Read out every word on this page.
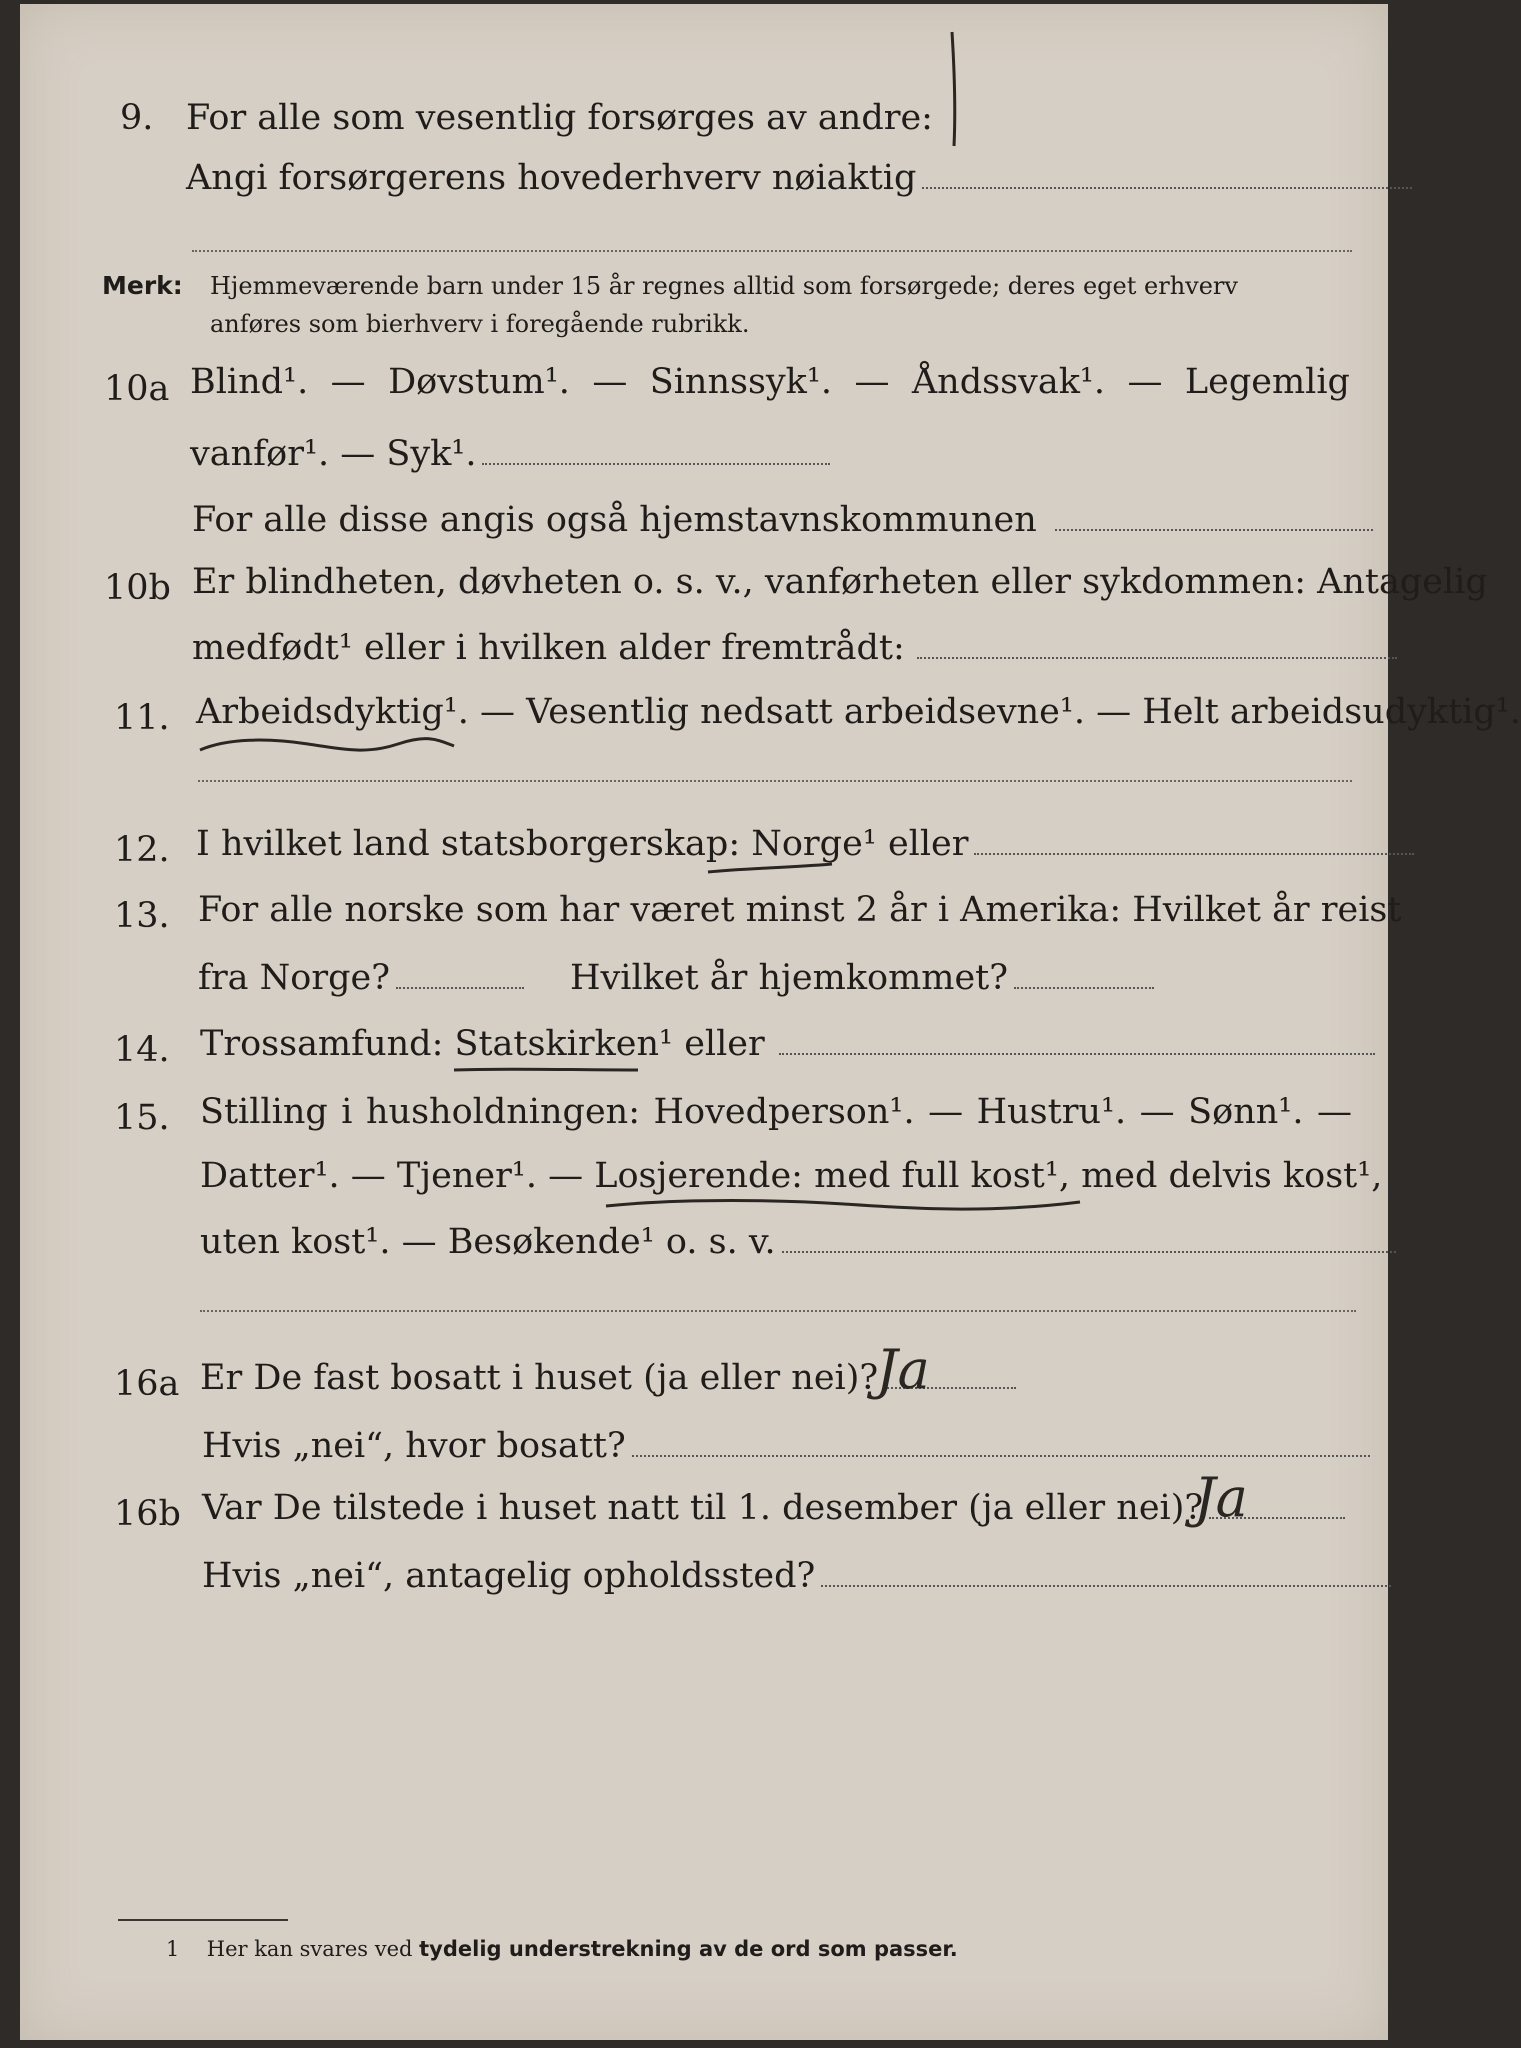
9. For alle som vesentlig forsørges av andre:
Angi forsørgerens hovederhverv nøiaktig
Merk: Hjemmeværende barn under 15 år regnes alltid som forsørgede; deres eget erhverv
anføres som bierhverv i foregående rubrikk.
10a Blind¹. — Døvstum¹. — Sinnssyk¹. — Åndssvak¹. — Legemlig
vanfør¹. — Syk¹.
For alle disse angis også hjemstavnskommunen
10b Er blindheten, døvheten o. s. v., vanførheten eller sykdommen: Antagelig
medfødt¹ eller i hvilken alder fremtrådt:
11. Arbeidsdyktig¹. — Vesentlig nedsatt arbeidsevne¹. — Helt arbeidsudyktig¹.
12. I hvilket land statsborgerskap: Norge¹ eller
13. For alle norske som har været minst 2 år i Amerika: Hvilket år reist
fra Norge?	Hvilket år hjemkommet?
14. Trossamfund: Statskirken¹ eller
15. Stilling i husholdningen: Hovedperson¹. — Hustru¹. — Sønn¹. —
Datter¹. — Tjener¹. — Losjerende: med full kost¹, med delvis kost¹,
uten kost¹. — Besøkende¹ o. s. v.
16a Er De fast bosatt i huset (ja eller nei)?
Ja
Hvis „nei“, hvor bosatt?
16b Var De tilstede i huset natt til 1. desember (ja eller nei)?
Ja
Hvis „nei“, antagelig opholdssted?
1 Her kan svares ved tydelig understrekning av de ord som passer.
